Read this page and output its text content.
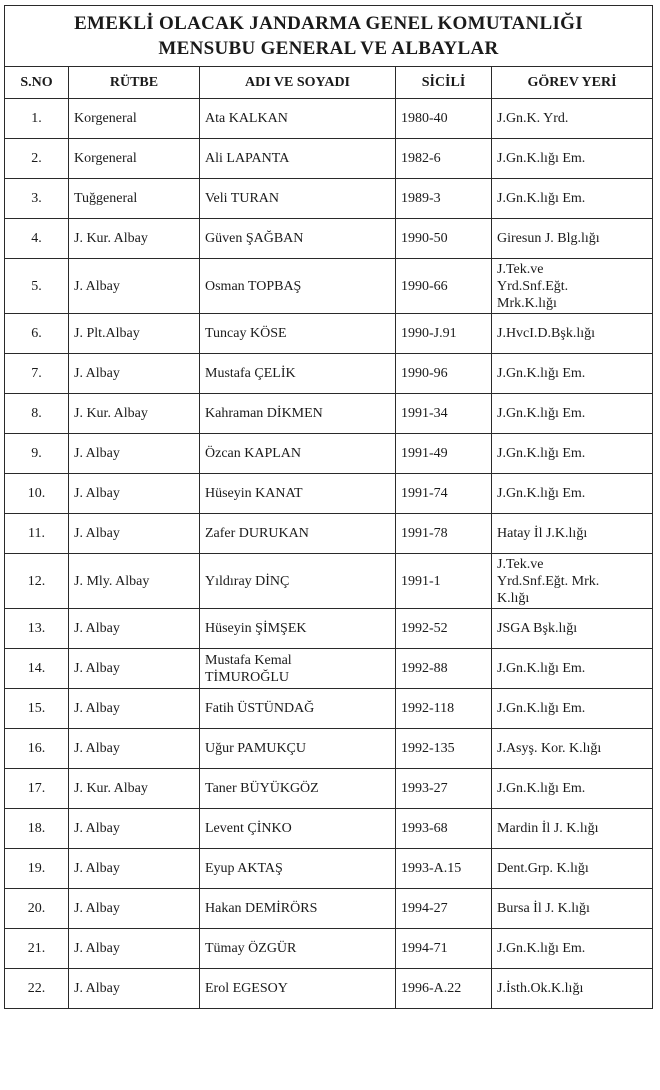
EMEKLİ OLACAK JANDARMA GENEL KOMUTANLIĞI
MENSUBU GENERAL VE ALBAYLAR				

S.NO	RÜTBE	ADI VE SOYADI	SİCİLİ	GÖREV YERİ
1.	Korgeneral	Ata KALKAN	1980-40	J.Gn.K. Yrd.

2.	Korgeneral	Ali LAPANTA	1982-6	J.Gn.K.lığı Em.

3.	Tuğgeneral	Veli TURAN	1989-3	J.Gn.K.lığı Em.

4.	J. Kur. Albay	Güven ŞAĞBAN	1990-50	Giresun J. Blg.lığı

5.	J. Albay	Osman TOPBAŞ	1990-66	J.Tek.ve
Yrd.Snf.Eğt.
Mrk.K.lığı

6.	J. Plt.Albay	Tuncay KÖSE	1990-J.91	J.HvcI.D.Bşk.lığı

7.	J. Albay	Mustafa ÇELİK	1990-96	J.Gn.K.lığı Em.

8.	J. Kur. Albay	Kahraman DİKMEN	1991-34	J.Gn.K.lığı Em.

9.	J. Albay	Özcan KAPLAN	1991-49	J.Gn.K.lığı Em.

10.	J. Albay	Hüseyin KANAT	1991-74	J.Gn.K.lığı Em.

11.	J. Albay	Zafer DURUKAN	1991-78	Hatay İl J.K.lığı

12.	J. Mly. Albay	Yıldıray DİNÇ	1991-1	J.Tek.ve
Yrd.Snf.Eğt. Mrk.
K.lığı

13.	J. Albay	Hüseyin ŞİMŞEK	1992-52	JSGA Bşk.lığı

14.	J. Albay	Mustafa Kemal
TİMUROĞLU	1992-88	J.Gn.K.lığı Em.

15.	J. Albay	Fatih ÜSTÜNDAĞ	1992-118	J.Gn.K.lığı Em.

16.	J. Albay	Uğur PAMUKÇU	1992-135	J.Asyş. Kor. K.lığı

17.	J. Kur. Albay	Taner BÜYÜKGÖZ	1993-27	J.Gn.K.lığı Em.

18.	J. Albay	Levent ÇİNKO	1993-68	Mardin İl J. K.lığı

19.	J. Albay	Eyup AKTAŞ	1993-A.15	Dent.Grp. K.lığı

20.	J. Albay	Hakan DEMİRÖRS	1994-27	Bursa İl J. K.lığı

21.	J. Albay	Tümay ÖZGÜR	1994-71	J.Gn.K.lığı Em.

22.	J. Albay	Erol EGESOY	1996-A.22	J.İsth.Ok.K.lığı
